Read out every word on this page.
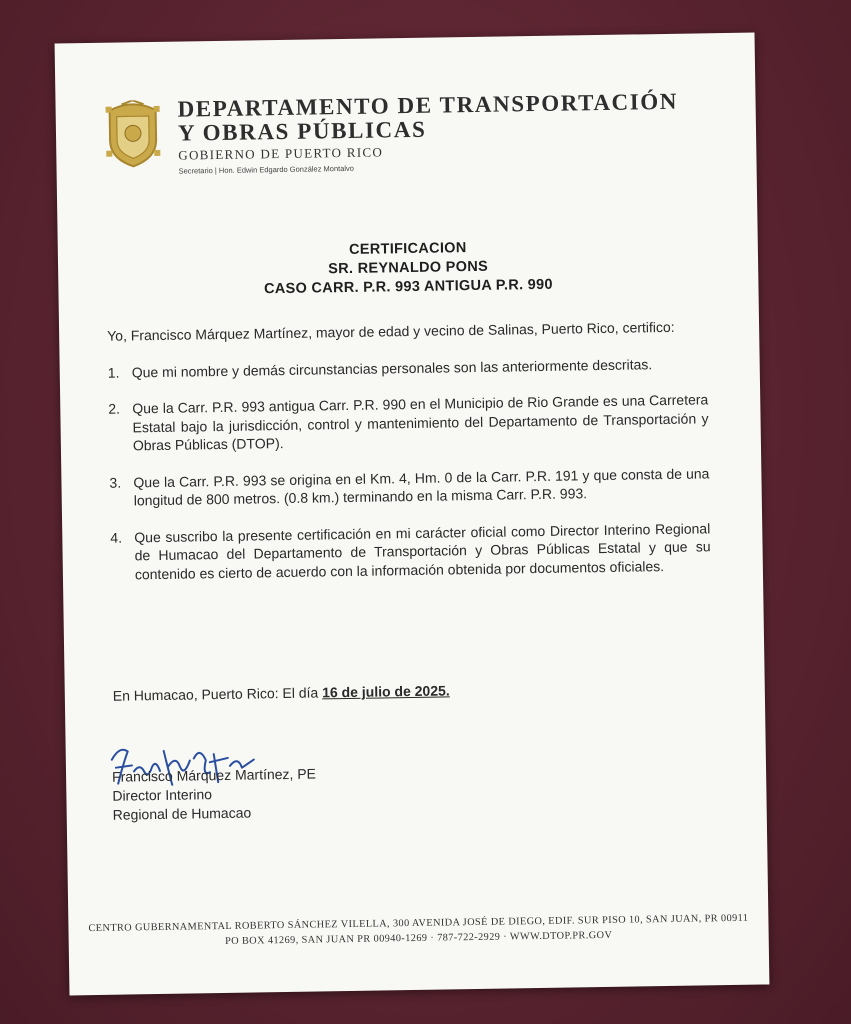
DEPARTAMENTO DE TRANSPORTACIÓN
Y OBRAS PÚBLICAS
GOBIERNO DE PUERTO RICO
Secretario | Hon. Edwin Edgardo González Montalvo
CERTIFICACION
SR. REYNALDO PONS
CASO CARR. P.R. 993 ANTIGUA P.R. 990
Yo, Francisco Márquez Martínez, mayor de edad y vecino de Salinas, Puerto Rico, certifico:
1. Que mi nombre y demás circunstancias personales son las anteriormente descritas.
2. Que la Carr. P.R. 993 antigua Carr. P.R. 990 en el Municipio de Rio Grande es una Carretera Estatal bajo la jurisdicción, control y mantenimiento del Departamento de Transportación y Obras Públicas (DTOP).
3. Que la Carr. P.R. 993 se origina en el Km. 4, Hm. 0 de la Carr. P.R. 191 y que consta de una longitud de 800 metros. (0.8 km.) terminando en la misma Carr. P.R. 993.
4. Que suscribo la presente certificación en mi carácter oficial como Director Interino Regional de Humacao del Departamento de Transportación y Obras Públicas Estatal y que su contenido es cierto de acuerdo con la información obtenida por documentos oficiales.
En Humacao, Puerto Rico: El día 16 de julio de 2025.
Francisco Márquez Martínez, PE
Director Interino
Regional de Humacao
CENTRO GUBERNAMENTAL ROBERTO SÁNCHEZ VILELLA, 300 AVENIDA JOSÉ DE DIEGO, EDIF. SUR PISO 10, SAN JUAN, PR 00911
PO BOX 41269, SAN JUAN PR 00940-1269 · 787-722-2929 · WWW.DTOP.PR.GOV
